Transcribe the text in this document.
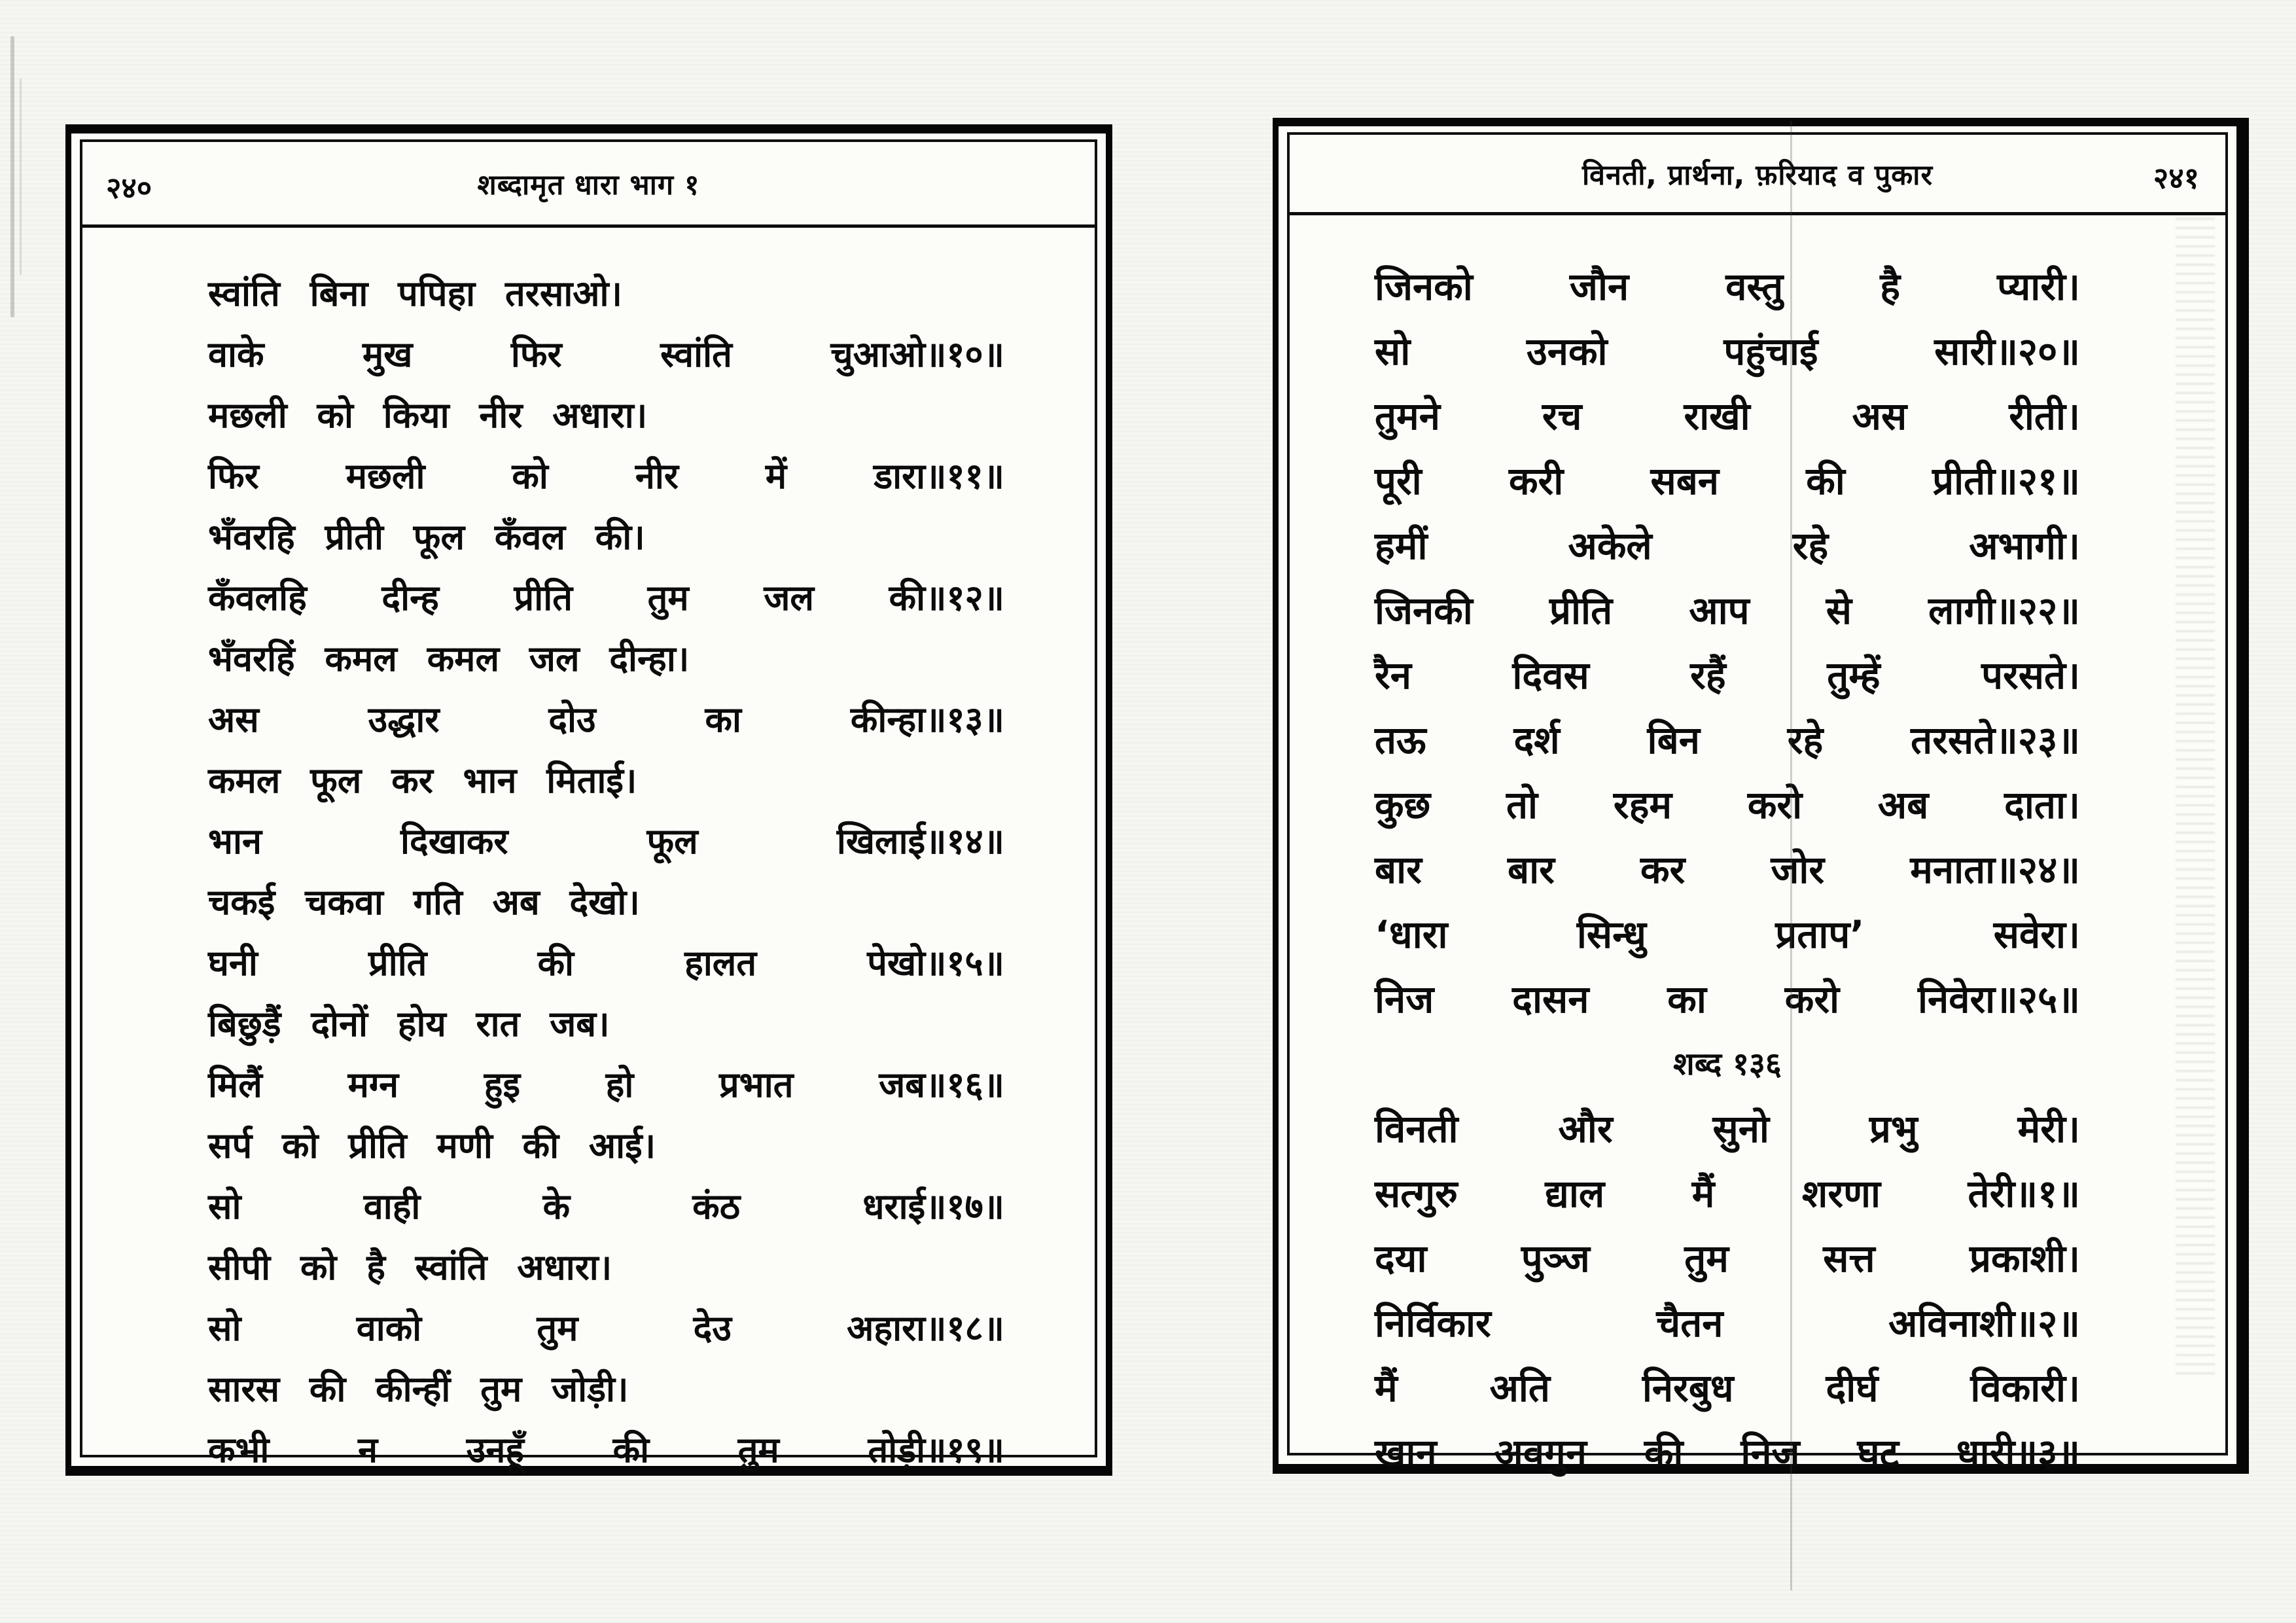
२४०	शब्दामृत धारा भाग १
स्वांति बिना पपिहा तरसाओ।
वाके मुख फिर स्वांति चुआओ॥१०॥
मछली को किया नीर अधारा।
फिर मछली को नीर में डारा॥११॥
भँवरहि प्रीती फूल कँवल की।
कँवलहि दीन्ह प्रीति तुम जल की॥१२॥
भँवरहिं कमल कमल जल दीन्हा।
अस उद्धार दोउ का कीन्हा॥१३॥
कमल फूल कर भान मिताई।
भान दिखाकर फूल खिलाई॥१४॥
चकई चकवा गति अब देखो।
घनी प्रीति की हालत पेखो॥१५॥
बिछुड़ैं दोनों होय रात जब।
मिलैं मग्न हुइ हो प्रभात जब॥१६॥
सर्प को प्रीति मणी की आई।
सो वाही के कंठ धराई॥१७॥
सीपी को है स्वांति अधारा।
सो वाको तुम देउ अहारा॥१८॥
सारस की कीन्हीं तुम जोड़ी।
कभी न उनहूँ की तुम तोड़ी॥१९॥
विनती, प्रार्थना, फ़रियाद व पुकार	२४१
जिनको जौन वस्तु है प्यारी।
सो उनको पहुंचाई सारी॥२०॥
तुमने रच राखी अस रीती।
पूरी करी सबन की प्रीती॥२१॥
हमीं अकेले रहे अभागी।
जिनकी प्रीति आप से लागी॥२२॥
रैन दिवस रहैं तुम्हें परसते।
तऊ दर्श बिन रहे तरसते॥२३॥
कुछ तो रहम करो अब दाता।
बार बार कर जोर मनाता॥२४॥
‘धारा सिन्धु प्रताप’ सवेरा।
निज दासन का करो निवेरा॥२५॥
शब्द १३६
विनती और सुनो प्रभु मेरी।
सत्गुरु द्याल मैं शरणा तेरी॥१॥
दया पुञ्ज तुम सत्त प्रकाशी।
निर्विकार चैतन अविनाशी॥२॥
मैं अति निरबुध दीर्घ विकारी।
खान अवगुन की निज घट धारी॥३॥
